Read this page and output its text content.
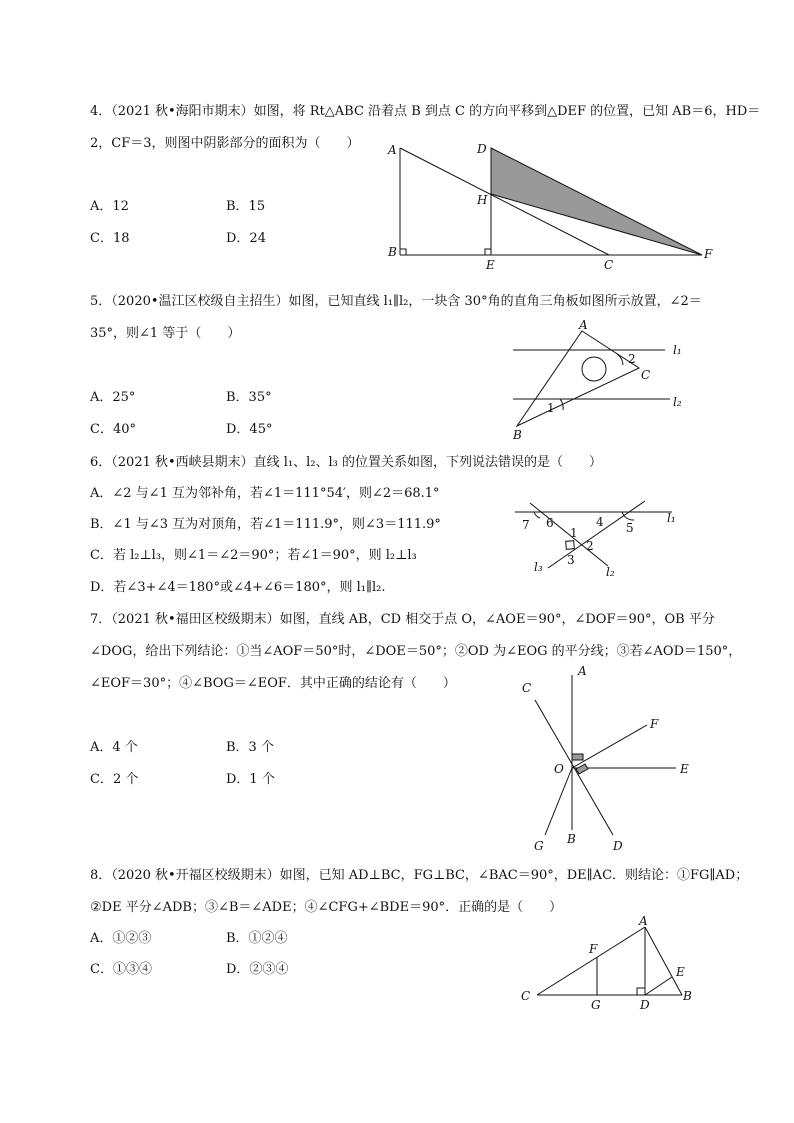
4．（2021 秋•海阳市期末）如图，将 Rt△ABC 沿着点 B 到点 C 的方向平移到△DEF 的位置，已知 AB＝6，HD＝
2，CF＝3，则图中阴影部分的面积为（　　）
A．12	B．15
C．18	D．24
A	D
H
B
E	C
F
5．（2020•温江区校级自主招生）如图，已知直线 l₁∥l₂，一块含 30°角的直角三角板如图所示放置，∠2＝
35°，则∠1 等于（　　）
A．25°	B．35°
C．40°	D．45°
A
2
C
l₁
1	l₂
B
6．（2021 秋•西峡县期末）直线 l₁、l₂、l₃ 的位置关系如图，下列说法错误的是（　　）
A．∠2 与∠1 互为邻补角，若∠1＝111°54′，则∠2＝68.1°
B．∠1 与∠3 互为对顶角，若∠1＝111.9°，则∠3＝111.9°
C．若 l₂⊥l₃，则∠1＝∠2＝90°；若∠1＝90°，则 l₂⊥l₃
D．若∠3+∠4＝180°或∠4+∠6＝180°，则 l₁∥l₂.
7 6	4 5
l₁
1
2
3
l₃	l₂
7．（2021 秋•福田区校级期末）如图，直线 AB，CD 相交于点 O，∠AOE＝90°，∠DOF＝90°，OB 平分
∠DOG，给出下列结论：①当∠AOF＝50°时，∠DOE＝50°；②OD 为∠EOG 的平分线；③若∠AOD＝150°，
∠EOF＝30°；④∠BOG＝∠EOF．其中正确的结论有（　　）
A．4 个	B．3 个
C．2 个	D．1 个
A
C
F
O	E
G B	D
8．（2020 秋•开福区校级期末）如图，已知 AD⊥BC，FG⊥BC，∠BAC＝90°，DE∥AC．则结论：①FG∥AD；
②DE 平分∠ADB；③∠B＝∠ADE；④∠CFG+∠BDE＝90°．正确的是（　　）
A．①②③	B．①②④
C．①③④	D．②③④
A
F
E
C
G	D
B
